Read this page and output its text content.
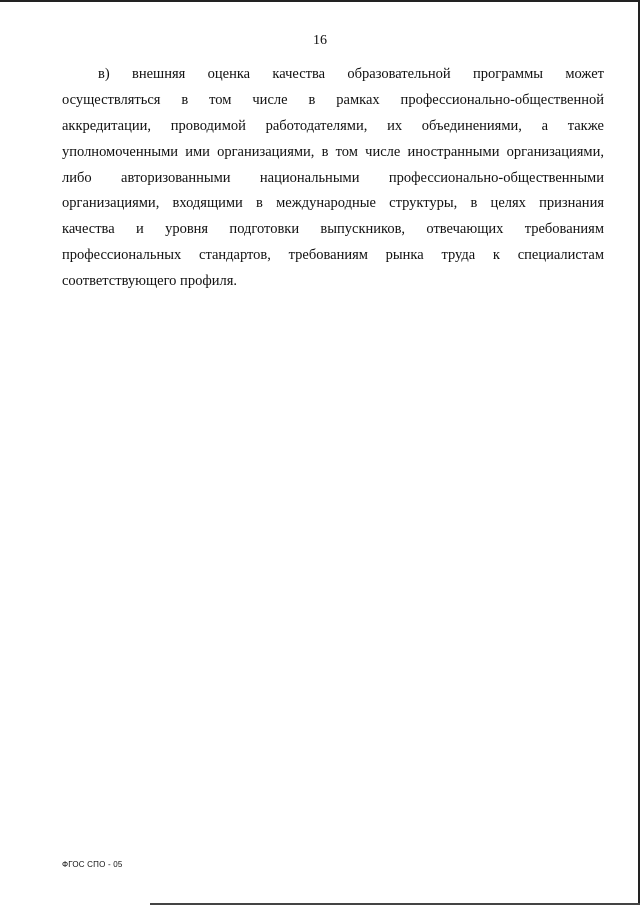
16
в) внешняя оценка качества образовательной программы может
осуществляться в том числе в рамках профессионально-общественной
аккредитации, проводимой работодателями, их объединениями, а также
уполномоченными ими организациями, в том числе иностранными организациями,
либо авторизованными национальными профессионально-общественными
организациями, входящими в международные структуры, в целях признания
качества и уровня подготовки выпускников, отвечающих требованиям
профессиональных стандартов, требованиям рынка труда к специалистам
соответствующего профиля.
ФГОС СПО - 05
